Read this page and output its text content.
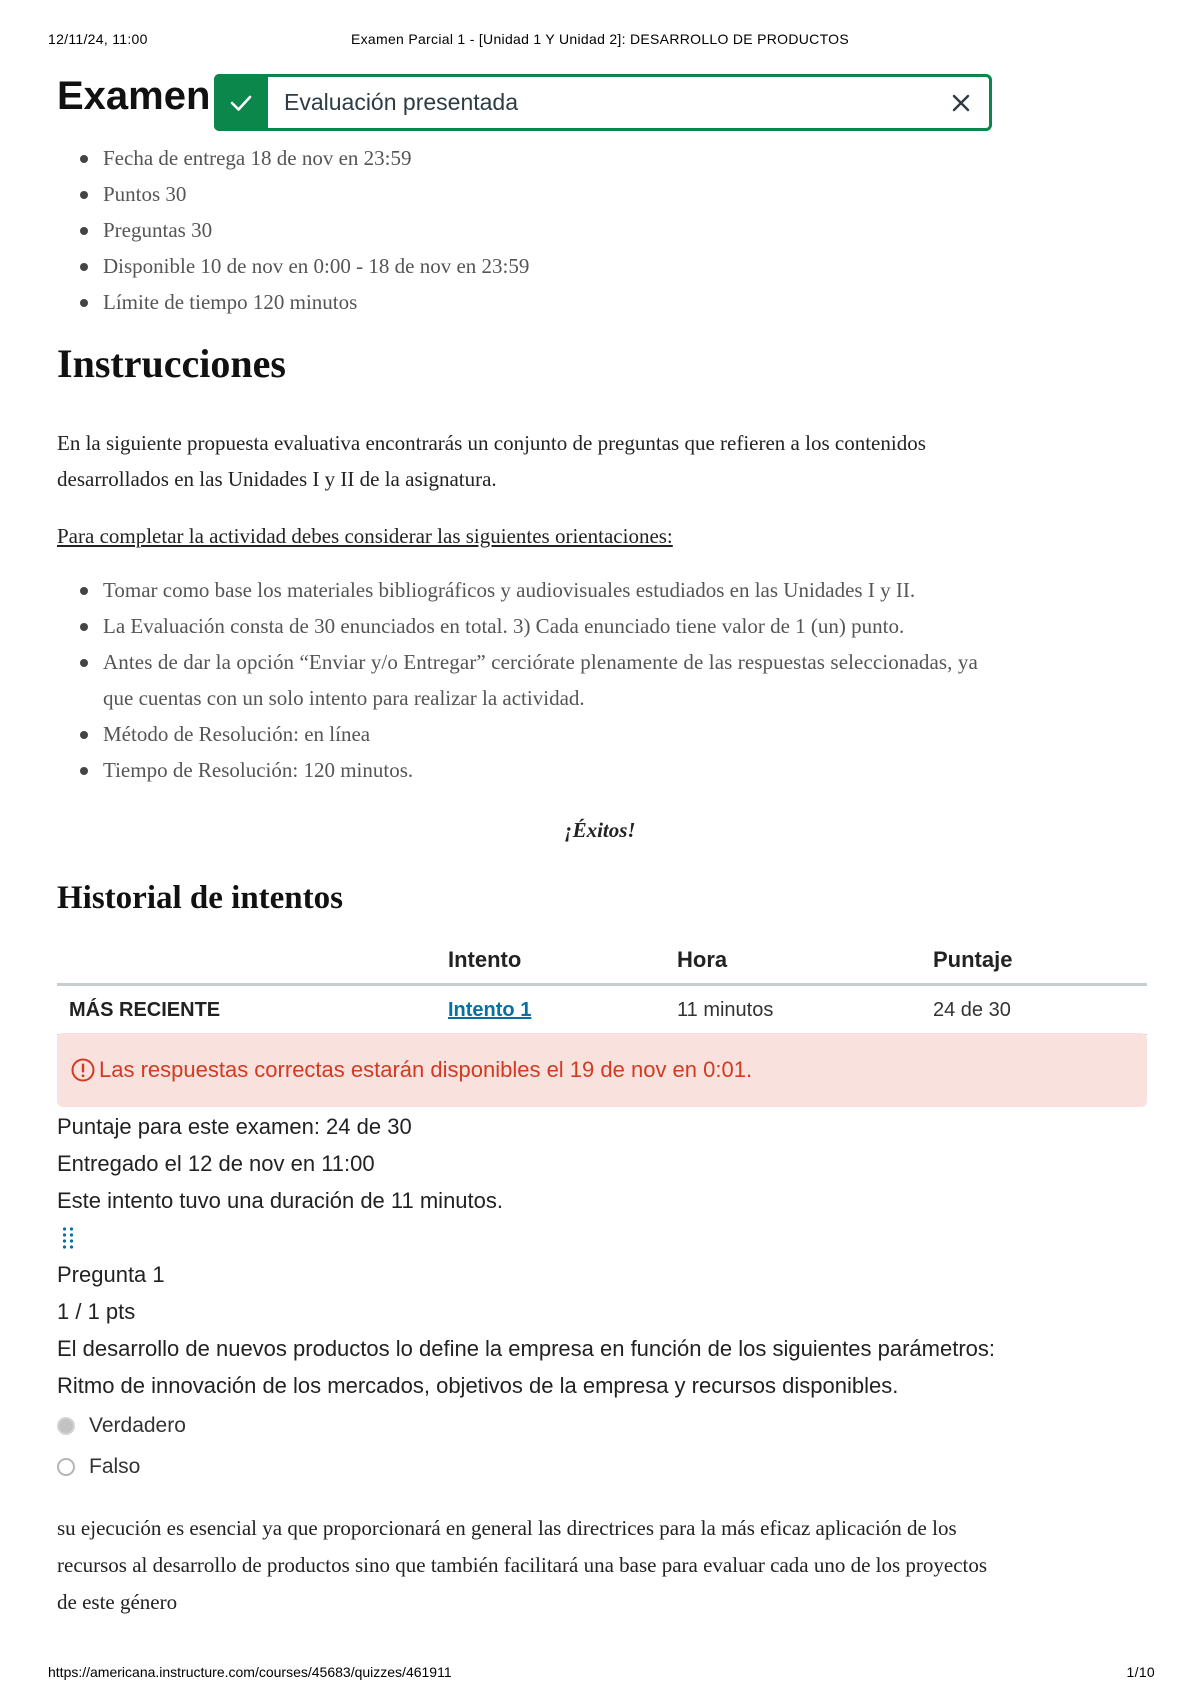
12/11/24, 11:00	Examen Parcial 1 - [Unidad 1 Y Unidad 2]: DESARROLLO DE PRODUCTOS
Examen	Evaluación presentada
Fecha de entrega 18 de nov en 23:59
Puntos 30
Preguntas 30
Disponible 10 de nov en 0:00 - 18 de nov en 23:59
Límite de tiempo 120 minutos
Instrucciones
En la siguiente propuesta evaluativa encontrarás un conjunto de preguntas que refieren a los contenidos
desarrollados en las Unidades I y II de la asignatura.
Para completar la actividad debes considerar las siguientes orientaciones:
Tomar como base los materiales bibliográficos y audiovisuales estudiados en las Unidades I y II.
La Evaluación consta de 30 enunciados en total. 3) Cada enunciado tiene valor de 1 (un) punto.
Antes de dar la opción “Enviar y/o Entregar” cerciórate plenamente de las respuestas seleccionadas, ya
que cuentas con un solo intento para realizar la actividad.
Método de Resolución: en línea
Tiempo de Resolución: 120 minutos.
¡Éxitos!
Historial de intentos
	Intento	Hora	Puntaje
MÁS RECIENTE	Intento 1	11 minutos	24 de 30
Las respuestas correctas estarán disponibles el 19 de nov en 0:01.
Puntaje para este examen: 24 de 30
Entregado el 12 de nov en 11:00
Este intento tuvo una duración de 11 minutos.
Pregunta 1
1 / 1 pts
El desarrollo de nuevos productos lo define la empresa en función de los siguientes parámetros:
Ritmo de innovación de los mercados, objetivos de la empresa y recursos disponibles.
Verdadero
Falso
su ejecución es esencial ya que proporcionará en general las directrices para la más eficaz aplicación de los
recursos al desarrollo de productos sino que también facilitará una base para evaluar cada uno de los proyectos
de este género
https://americana.instructure.com/courses/45683/quizzes/461911	1/10
